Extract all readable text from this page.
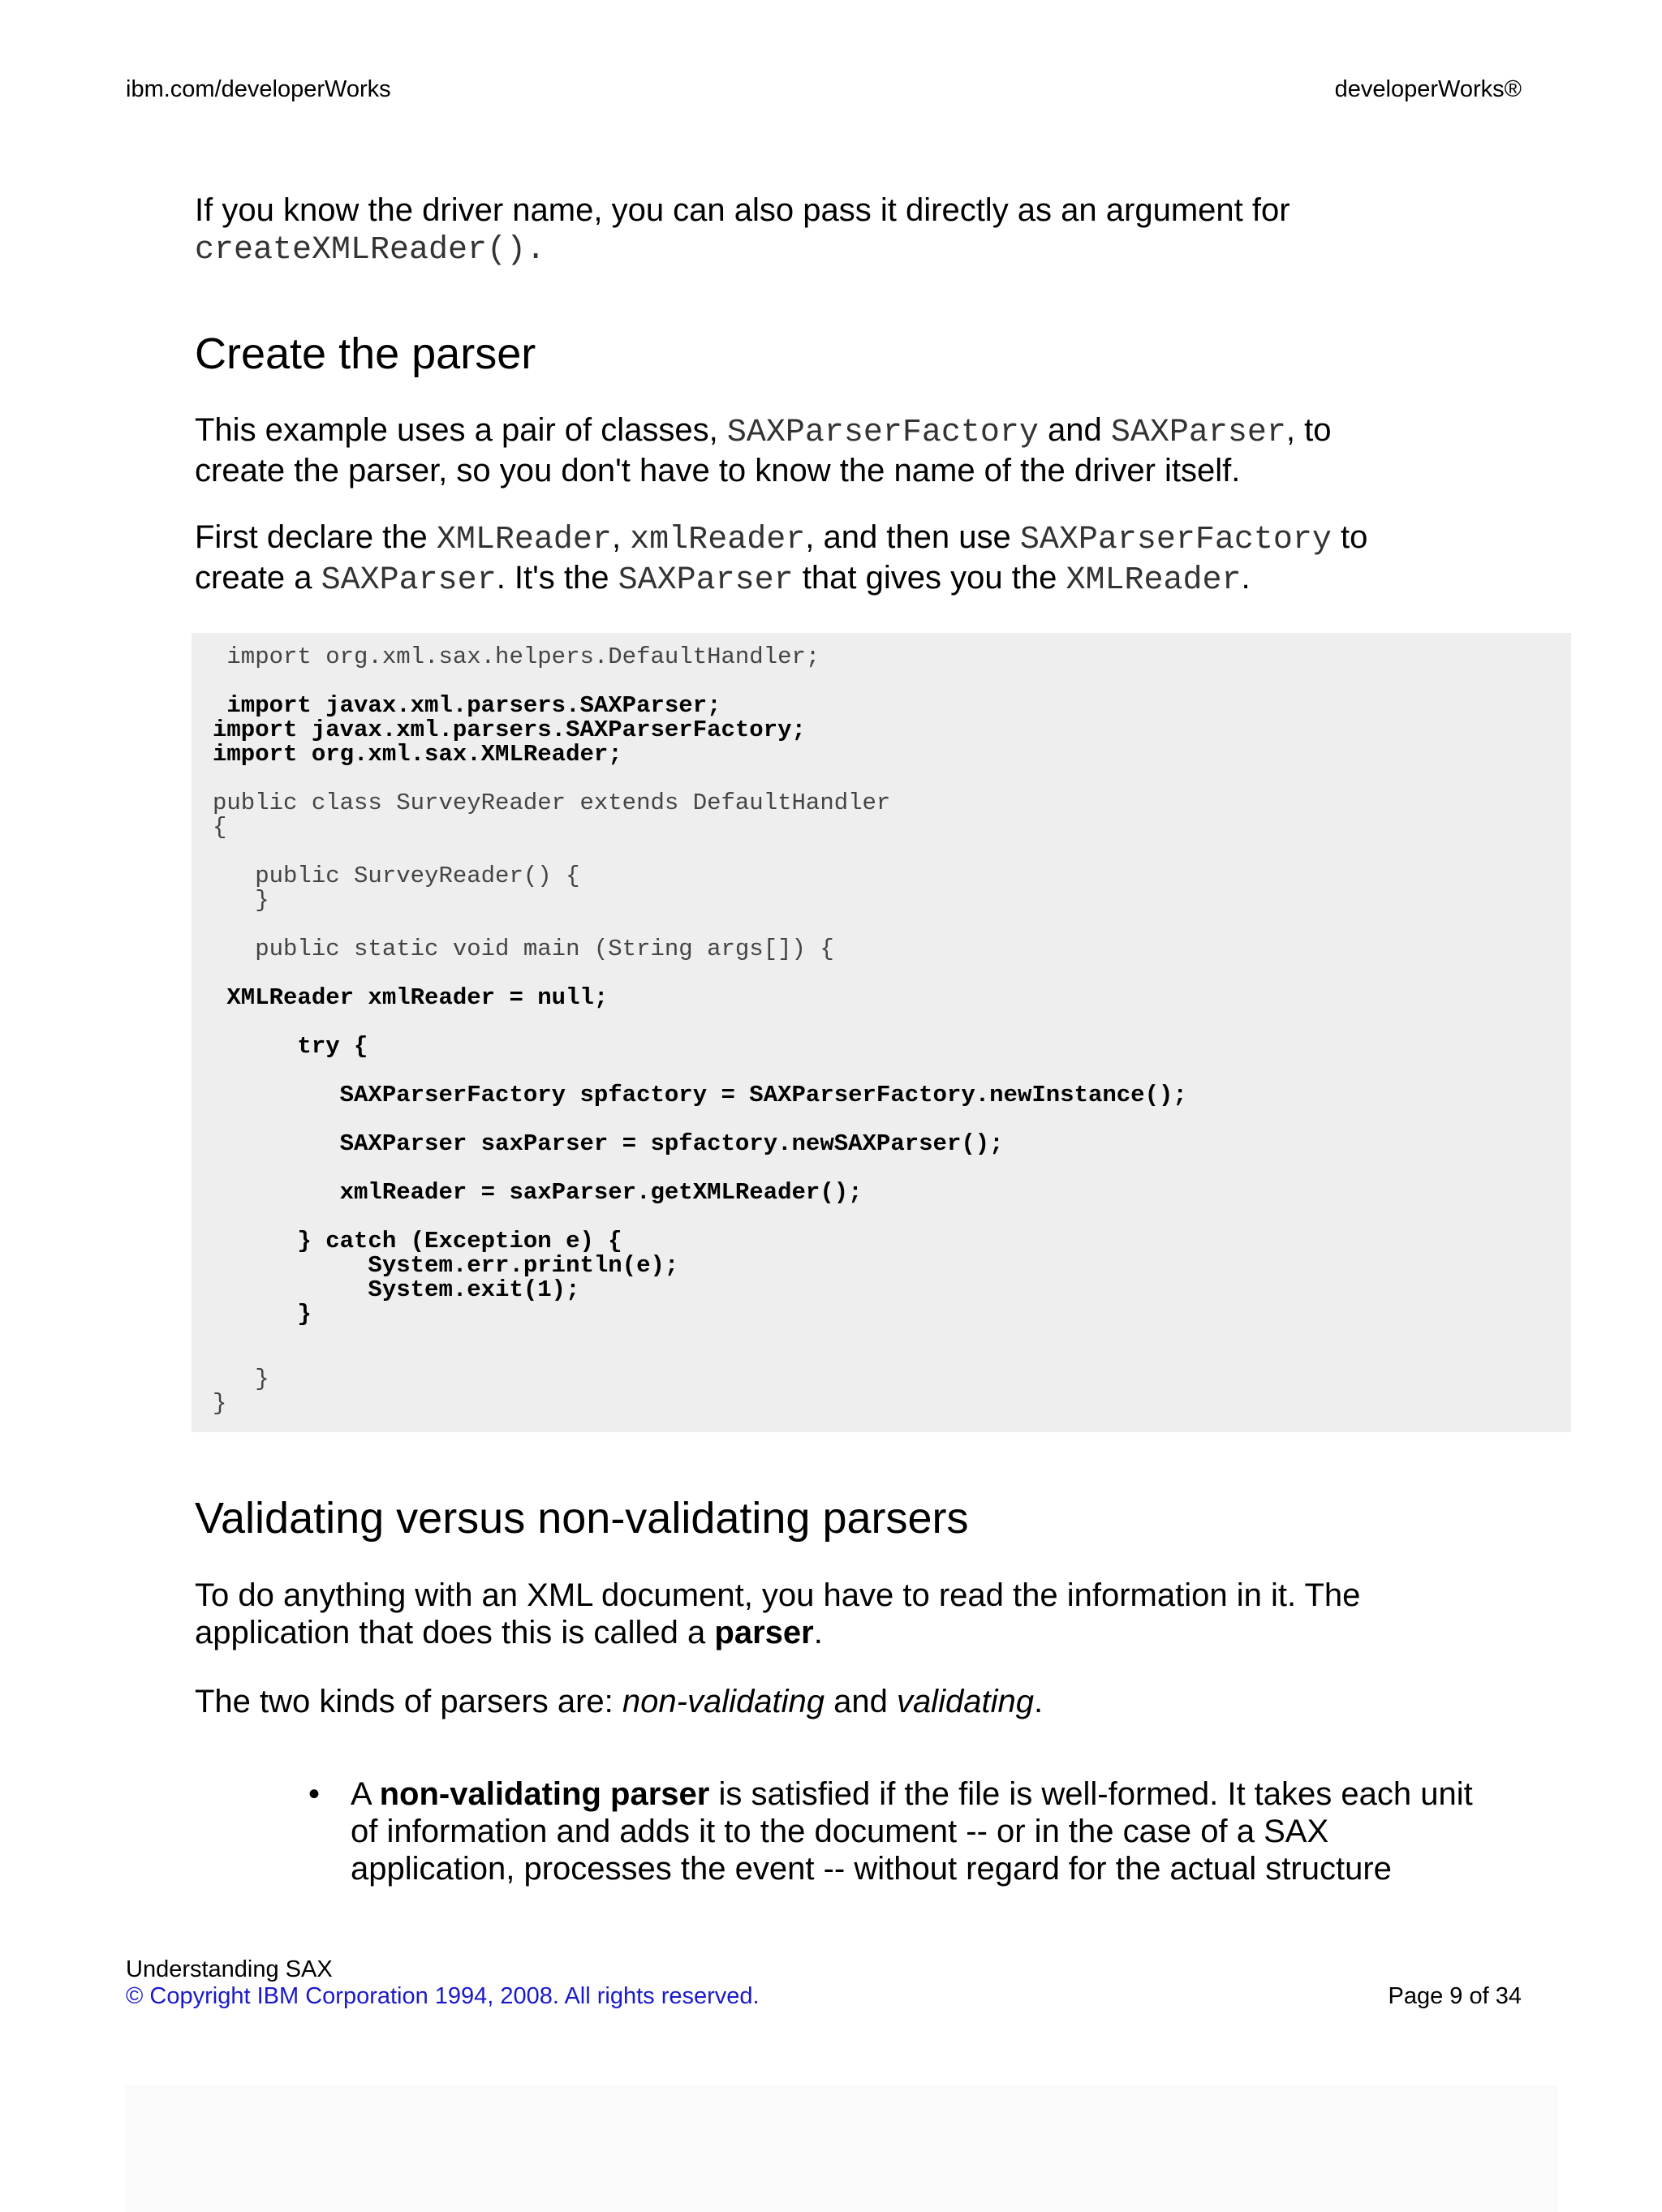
ibm.com/developerWorks	developerWorks®

If you know the driver name, you can also pass it directly as an argument for
createXMLReader().

Create the parser

This example uses a pair of classes, SAXParserFactory and SAXParser, to create the parser, so you don't have to know the name of the driver itself.

First declare the XMLReader, xmlReader, and then use SAXParserFactory to create a SAXParser. It's the SAXParser that gives you the XMLReader.

import org.xml.sax.helpers.DefaultHandler;
import javax.xml.parsers.SAXParser;
import javax.xml.parsers.SAXParserFactory;
import org.xml.sax.XMLReader;
public class SurveyReader extends DefaultHandler
{
public SurveyReader() {
}
public static void main (String args[]) {
XMLReader xmlReader = null;
try {
SAXParserFactory spfactory = SAXParserFactory.newInstance();
SAXParser saxParser = spfactory.newSAXParser();
xmlReader = saxParser.getXMLReader();
} catch (Exception e) {
System.err.println(e);
System.exit(1);
}
}
}
Validating versus non-validating parsers

To do anything with an XML document, you have to read the information in it. The application that does this is called a parser.

The two kinds of parsers are: non-validating and validating.

• A non-validating parser is satisfied if the file is well-formed. It takes each unit of information and adds it to the document -- or in the case of a SAX application, processes the event -- without regard for the actual structure
Understanding SAX
© Copyright IBM Corporation 1994, 2008. All rights reserved.	Page 9 of 34
